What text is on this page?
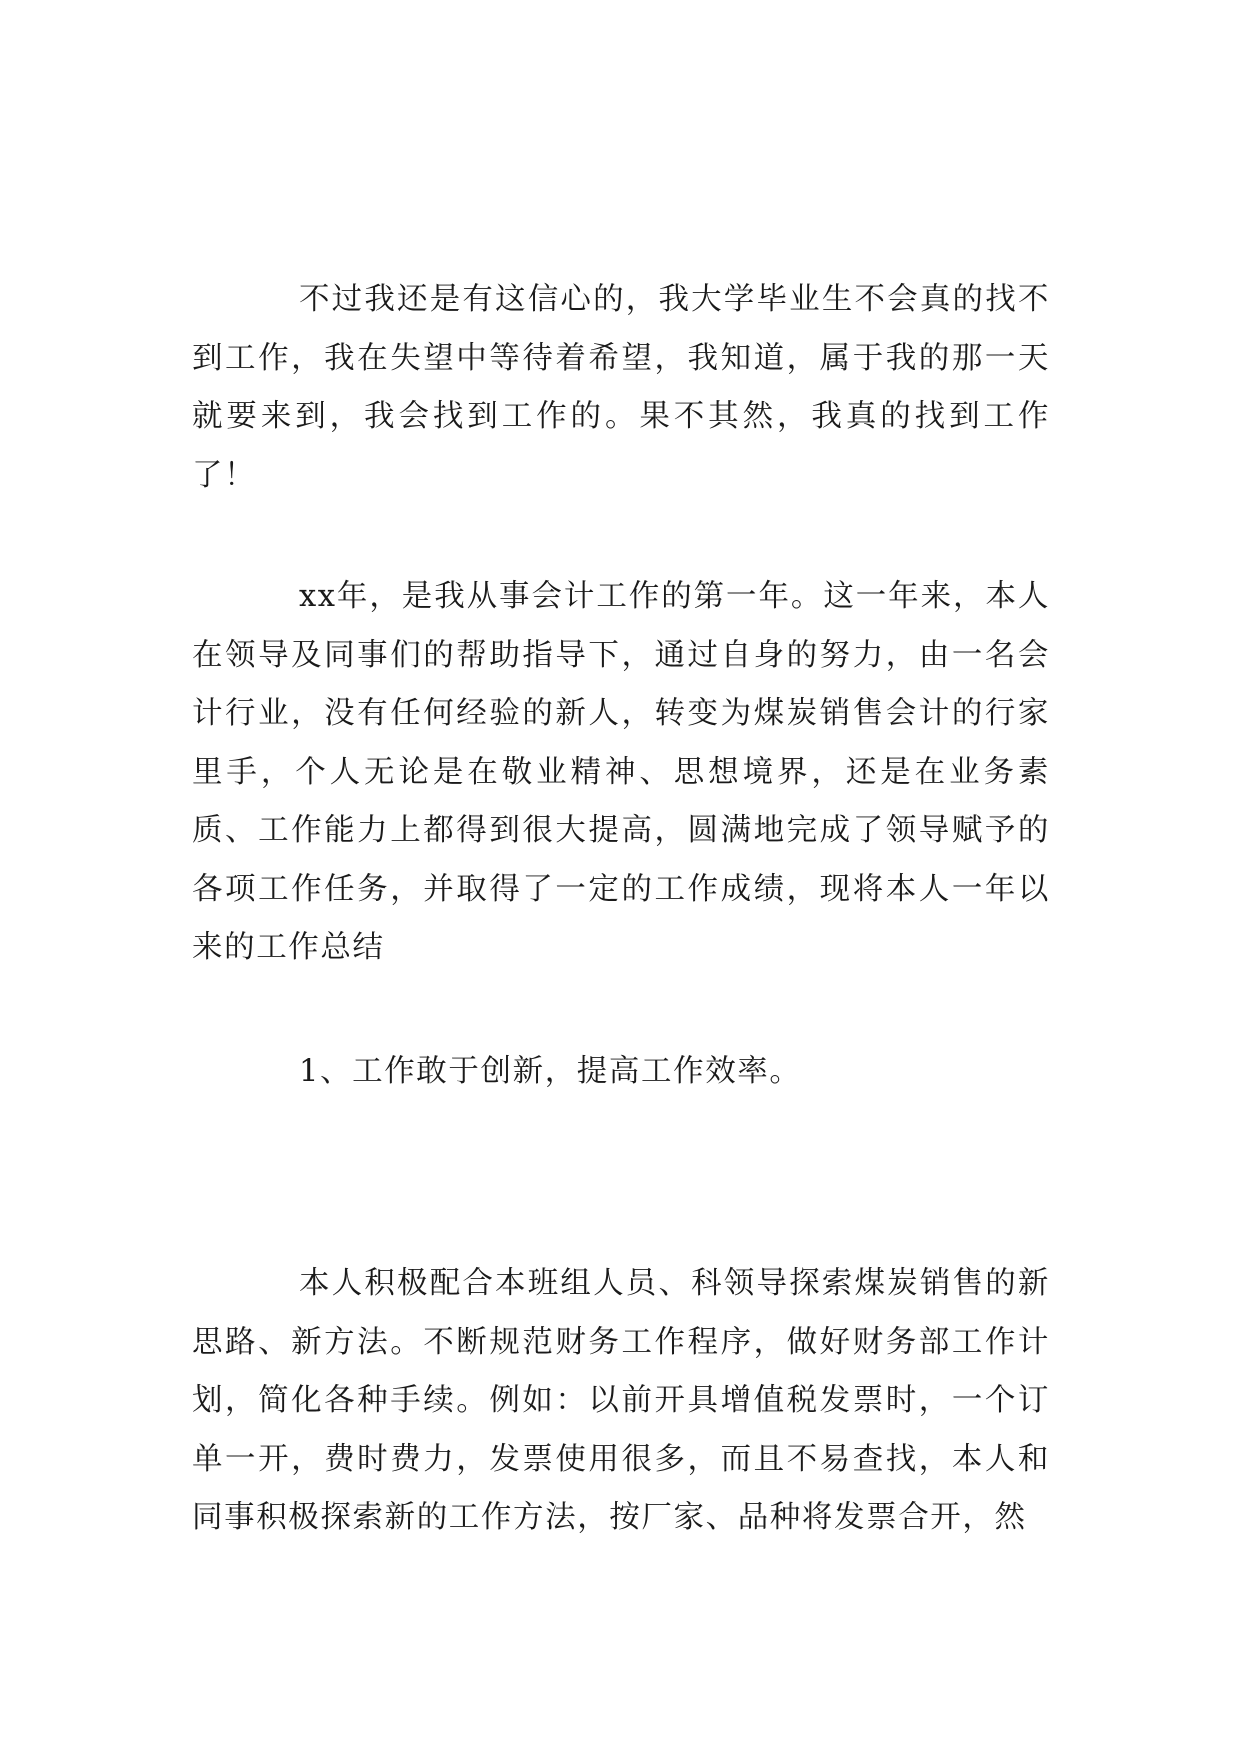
不过我还是有这信心的，我大学毕业生不会真的找不到工作，我在失望中等待着希望，我知道，属于我的那一天就要来到，我会找到工作的。果不其然，我真的找到工作了！

xx年，是我从事会计工作的第一年。这一年来，本人在领导及同事们的帮助指导下，通过自身的努力，由一名会计行业，没有任何经验的新人，转变为煤炭销售会计的行家里手，个人无论是在敬业精神、思想境界，还是在业务素质、工作能力上都得到很大提高，圆满地完成了领导赋予的各项工作任务，并取得了一定的工作成绩，现将本人一年以来的工作总结

1、工作敢于创新，提高工作效率。

本人积极配合本班组人员、科领导探索煤炭销售的新思路、新方法。不断规范财务工作程序，做好财务部工作计划，简化各种手续。例如：以前开具增值税发票时，一个订单一开，费时费力，发票使用很多，而且不易查找，本人和同事积极探索新的工作方法，按厂家、品种将发票合开，然
